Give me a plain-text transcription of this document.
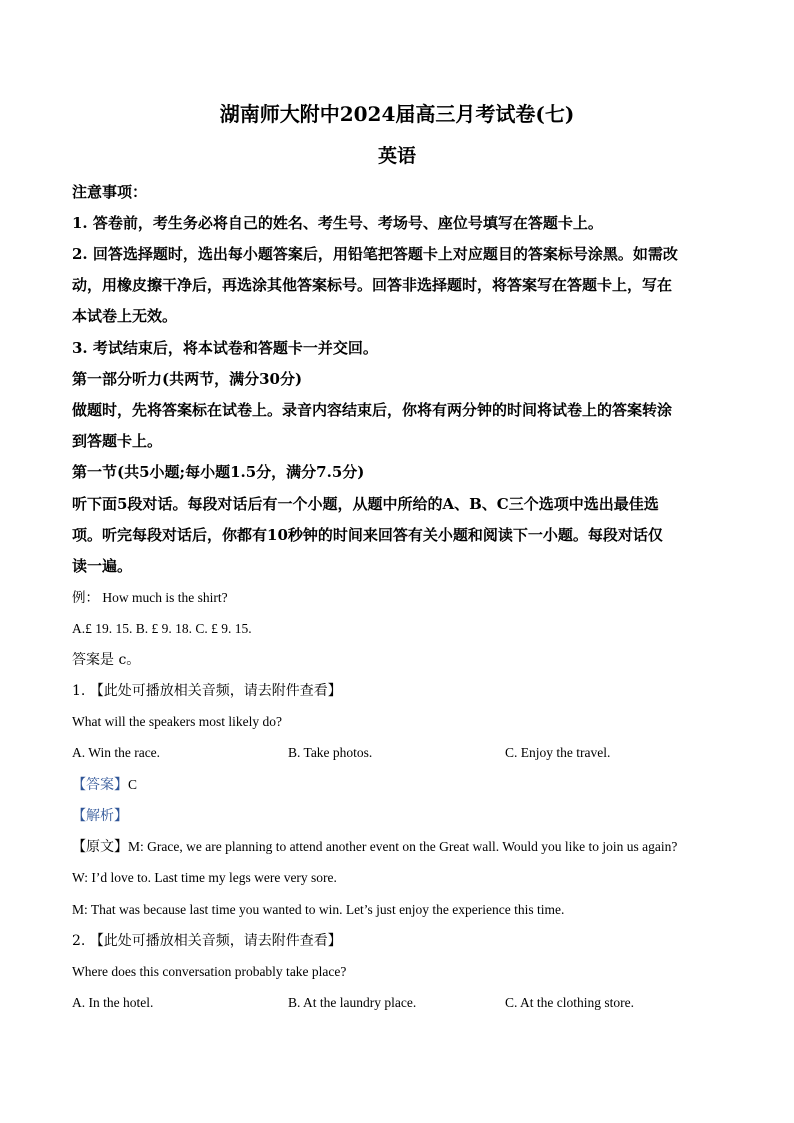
湖南师大附中2024届高三月考试卷(七)
英语
注意事项：
1. 答卷前，考生务必将自己的姓名、考生号、考场号、座位号填写在答题卡上。
2. 回答选择题时，选出每小题答案后，用铅笔把答题卡上对应题目的答案标号涂黑。如需改
动，用橡皮擦干净后，再选涂其他答案标号。回答非选择题时，将答案写在答题卡上，写在
本试卷上无效。
3. 考试结束后，将本试卷和答题卡一并交回。
第一部分听力(共两节，满分30分)
做题时，先将答案标在试卷上。录音内容结束后，你将有两分钟的时间将试卷上的答案转涂
到答题卡上。
第一节(共5小题;每小题1.5分，满分7.5分)
听下面5段对话。每段对话后有一个小题，从题中所给的A、B、C三个选项中选出最佳选
项。听完每段对话后，你都有10秒钟的时间来回答有关小题和阅读下一小题。每段对话仅
读一遍。
例： How much is the shirt?
A.£ 19. 15. B. £ 9. 18. C. £ 9. 15.
答案是 c。
1. 【此处可播放相关音频，请去附件查看】
What will the speakers most likely do?
A. Win the race.	B. Take photos.	C. Enjoy the travel.
【答案】C
【解析】
【原文】M: Grace, we are planning to attend another event on the Great wall. Would you like to join us again?
W: I’d love to. Last time my legs were very sore.
M: That was because last time you wanted to win. Let’s just enjoy the experience this time.
2. 【此处可播放相关音频，请去附件查看】
Where does this conversation probably take place?
A. In the hotel.	B. At the laundry place.	C. At the clothing store.
